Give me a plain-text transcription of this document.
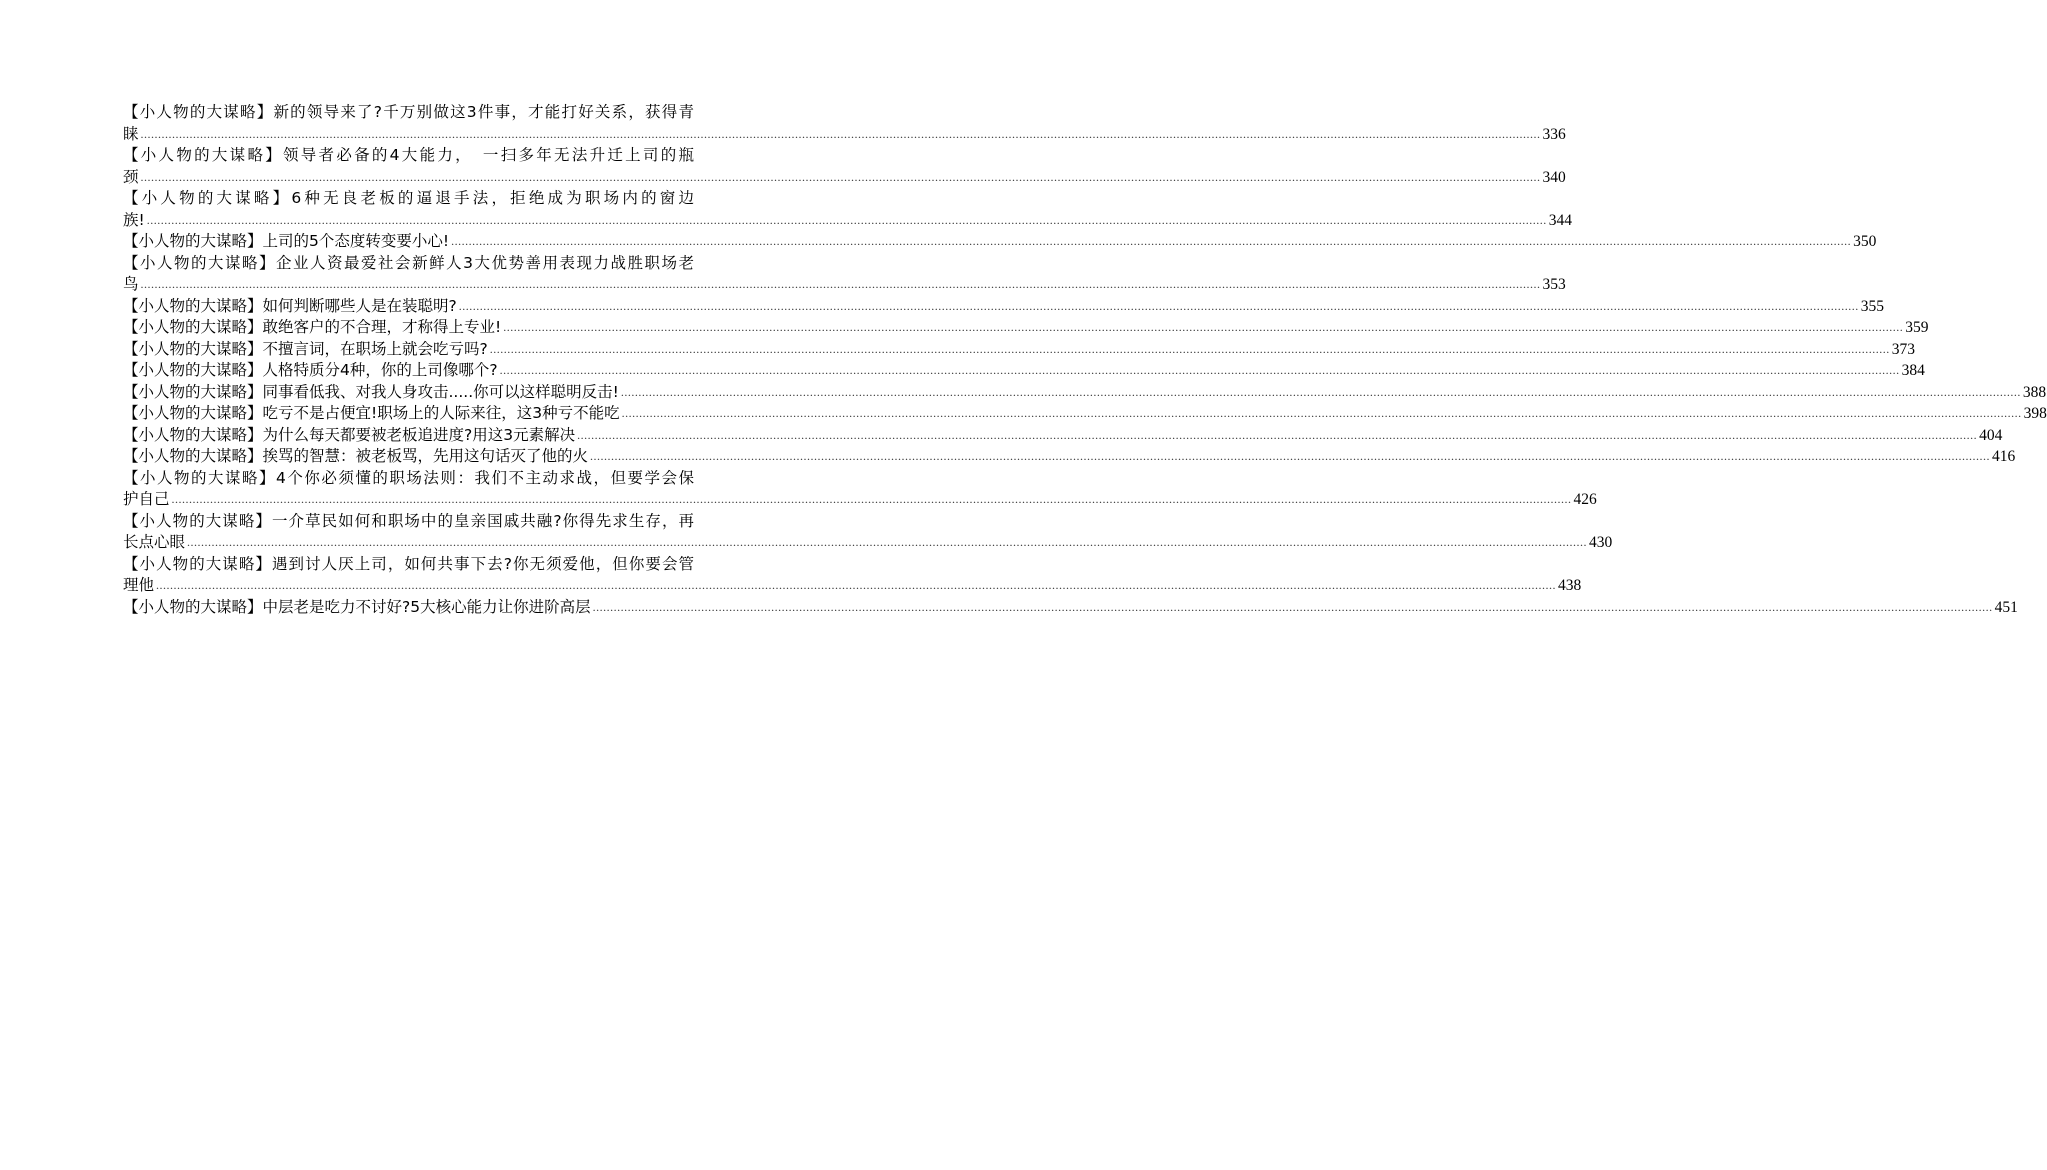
【小人物的大谋略】新的领导来了?千万别做这3件事，才能打好关系，获得青
睐 ................................................................................................................................................................................................................................................................................................................................................................................................................ 336
【小人物的大谋略】领导者必备的4大能力，　一扫多年无法升迁上司的瓶
颈 ................................................................................................................................................................................................................................................................................................................................................................................................................ 340
【小人物的大谋略】6种无良老板的逼退手法，拒绝成为职场内的窗边
族! ................................................................................................................................................................................................................................................................................................................................................................................................................ 344
【小人物的大谋略】上司的5个态度转变要小心! ................................................................................................................................................................................................................................................................................................................................................................................................................ 350
【小人物的大谋略】企业人资最爱社会新鲜人3大优势善用表现力战胜职场老
鸟 ................................................................................................................................................................................................................................................................................................................................................................................................................ 353
【小人物的大谋略】如何判断哪些人是在装聪明? ................................................................................................................................................................................................................................................................................................................................................................................................................ 355
【小人物的大谋略】敢绝客户的不合理，才称得上专业! ................................................................................................................................................................................................................................................................................................................................................................................................................ 359
【小人物的大谋略】不擅言词，在职场上就会吃亏吗? ................................................................................................................................................................................................................................................................................................................................................................................................................ 373
【小人物的大谋略】人格特质分4种，你的上司像哪个? ................................................................................................................................................................................................................................................................................................................................................................................................................ 384
【小人物的大谋略】同事看低我、对我人身攻击.....你可以这样聪明反击! ................................................................................................................................................................................................................................................................................................................................................................................................................ 388
【小人物的大谋略】吃亏不是占便宜!职场上的人际来往，这3种亏不能吃 ................................................................................................................................................................................................................................................................................................................................................................................................................ 398
【小人物的大谋略】为什么每天都要被老板追进度?用这3元素解决 ................................................................................................................................................................................................................................................................................................................................................................................................................ 404
【小人物的大谋略】挨骂的智慧：被老板骂，先用这句话灭了他的火 ................................................................................................................................................................................................................................................................................................................................................................................................................ 416
【小人物的大谋略】4个你必须懂的职场法则：我们不主动求战，但要学会保
护自己 ................................................................................................................................................................................................................................................................................................................................................................................................................ 426
【小人物的大谋略】一介草民如何和职场中的皇亲国戚共融?你得先求生存，再
长点心眼 ................................................................................................................................................................................................................................................................................................................................................................................................................ 430
【小人物的大谋略】遇到讨人厌上司，如何共事下去?你无须爱他，但你要会管
理他 ................................................................................................................................................................................................................................................................................................................................................................................................................ 438
【小人物的大谋略】中层老是吃力不讨好?5大核心能力让你进阶高层 ................................................................................................................................................................................................................................................................................................................................................................................................................ 451
